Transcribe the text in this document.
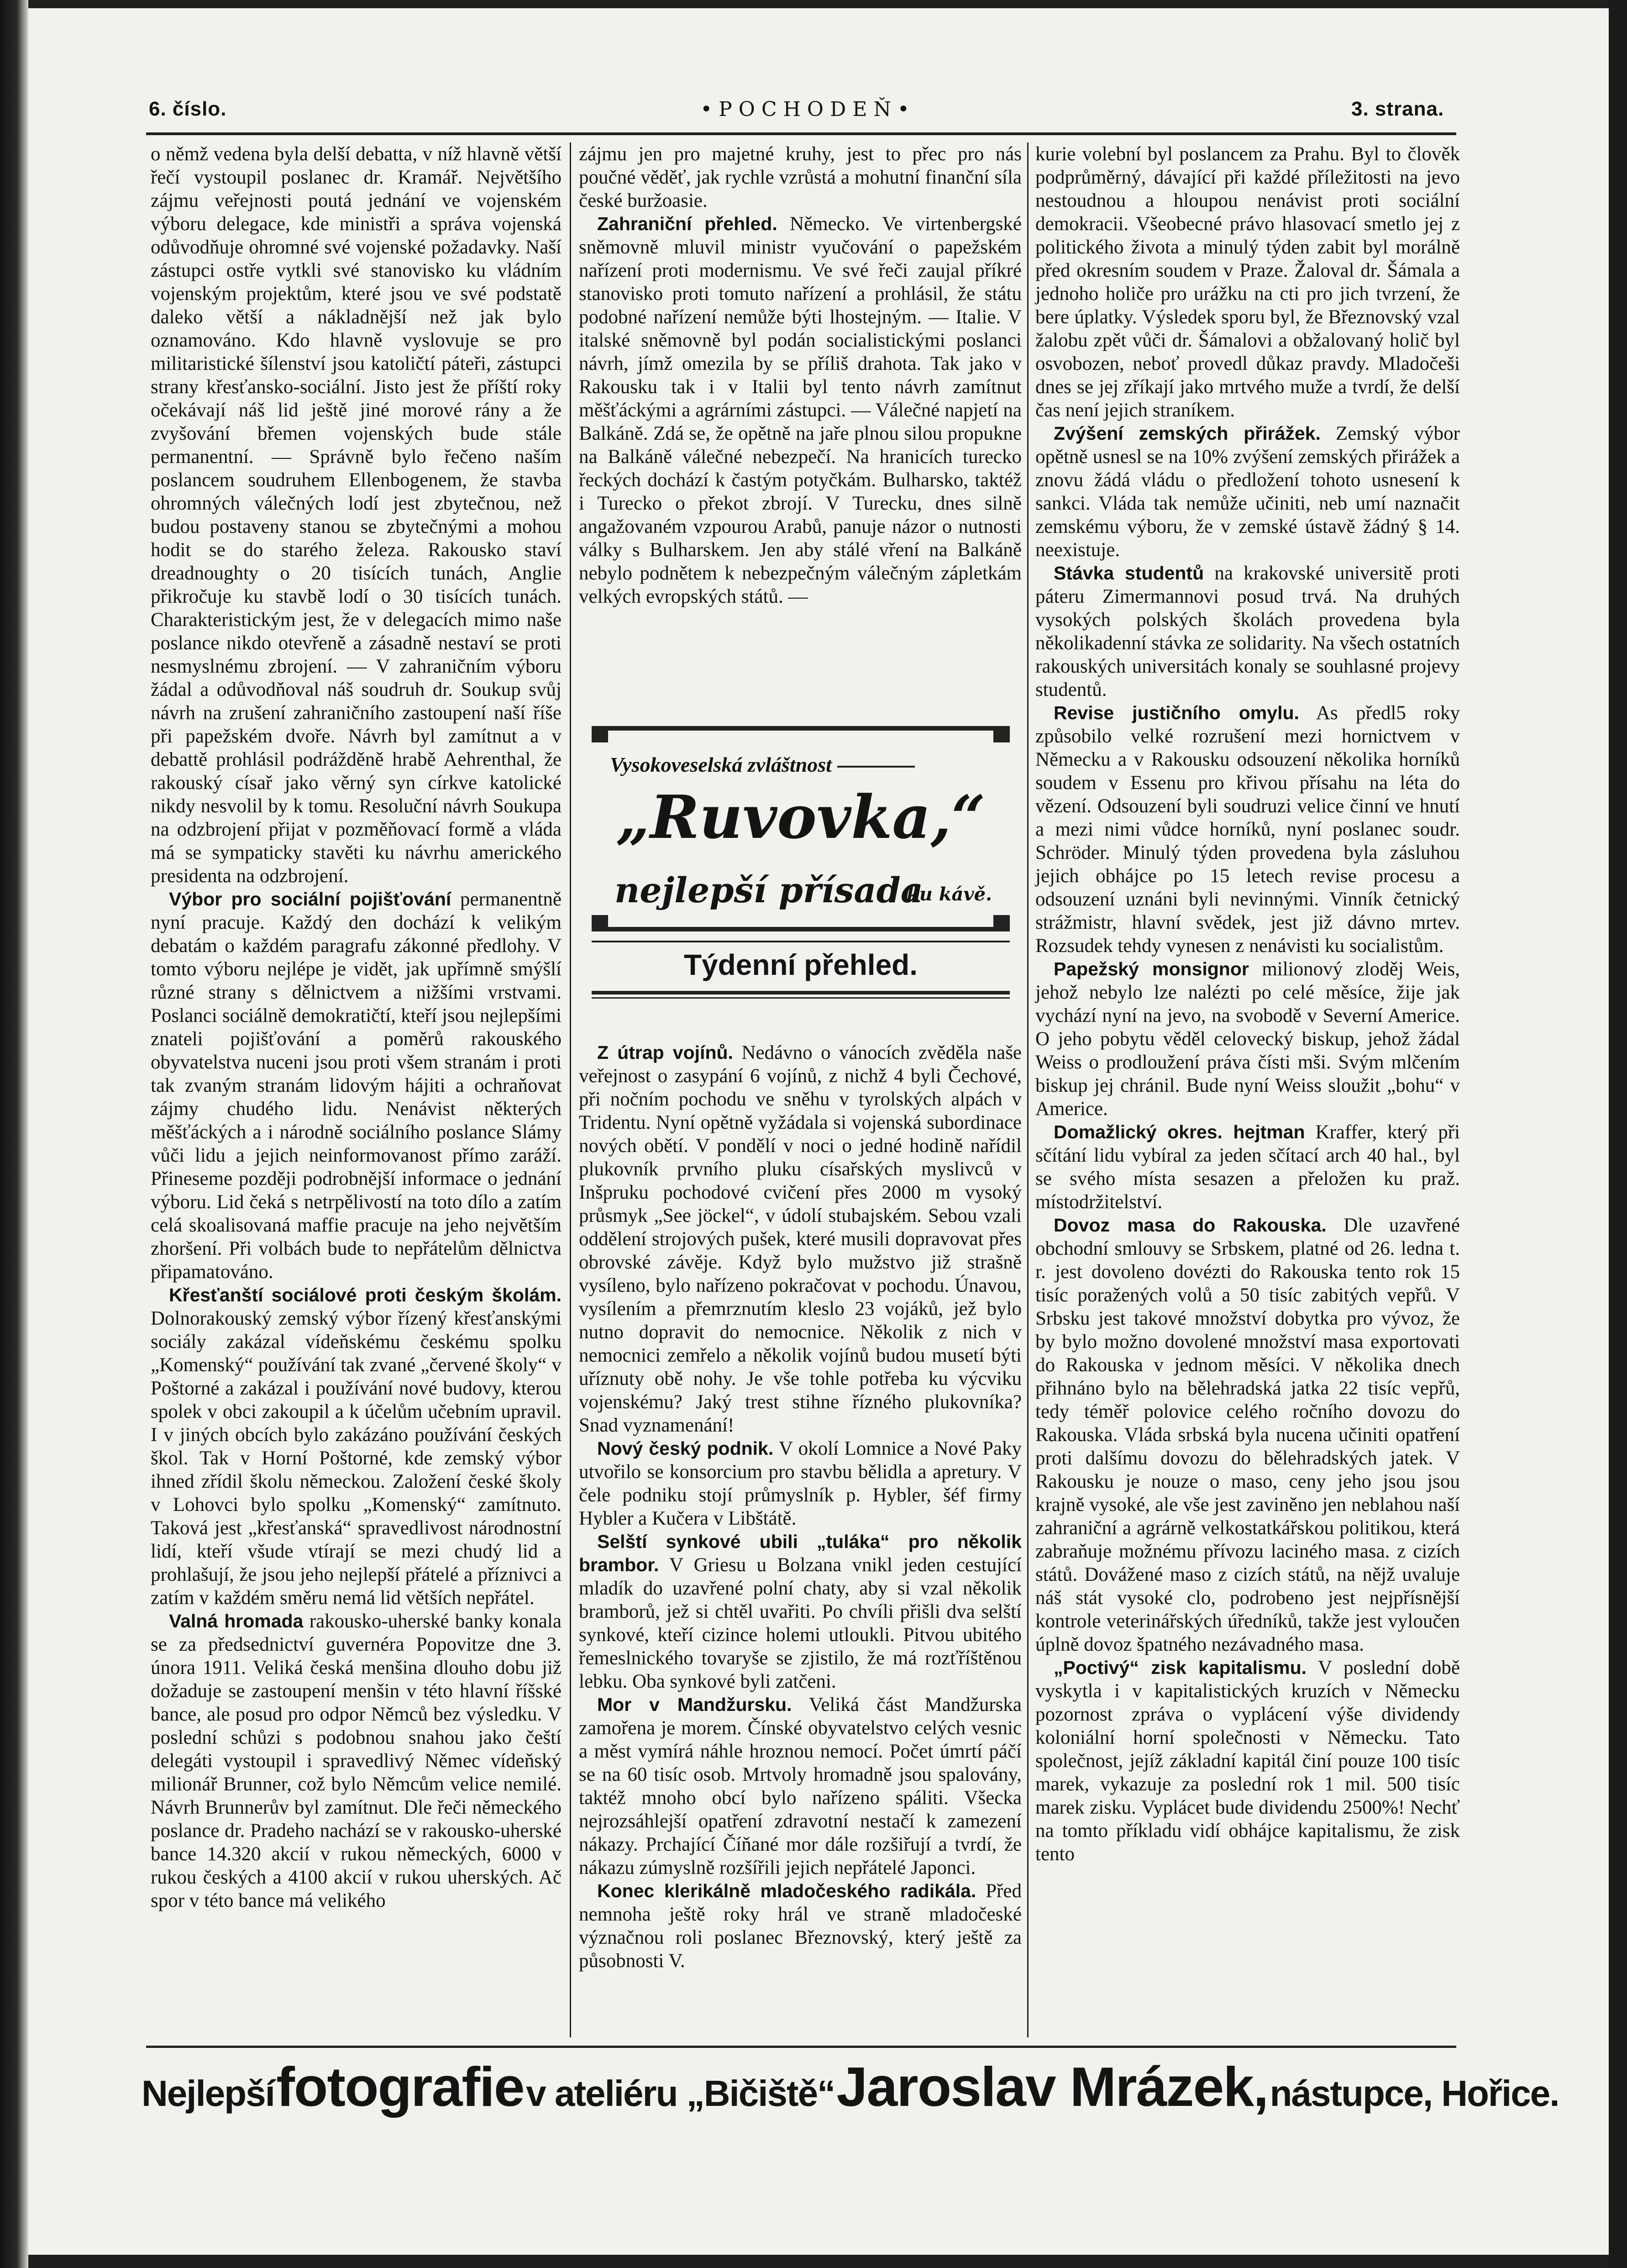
6. číslo.	•POCHODEŇ•	3. strana.

o němž vedena byla delší debatta, v níž hlavně větší řečí vystoupil poslanec dr. Kramář. Největšího zájmu veřejnosti poutá jednání ve vojenském výboru delegace, kde ministři a správa vojenská odůvodňuje ohromné své vojenské požadavky. Naší zástupci ostře vytkli své stanovisko ku vládním vojenským projektům, které jsou ve své podstatě daleko větší a nákladnější než jak bylo oznamováno. Kdo hlavně vyslovuje se pro militaristické šílenství jsou katoličtí páteři, zástupci strany křesťansko-sociální. Jisto jest že příští roky očekávají náš lid ještě jiné morové rány a že zvyšování břemen vojenských bude stále permanentní. — Správně bylo řečeno naším poslancem soudruhem Ellenbogenem, že stavba ohromných válečných lodí jest zbytečnou, než budou postaveny stanou se zbytečnými a mohou hodit se do starého železa. Rakousko staví dreadnoughty o 20 tisících tunách, Anglie přikročuje ku stavbě lodí o 30 tisících tunách. Charakteristickým jest, že v delegacích mimo naše poslance nikdo otevřeně a zásadně nestaví se proti nesmyslnému zbrojení. — V zahraničním výboru žádal a odůvodňoval náš soudruh dr. Soukup svůj návrh na zrušení zahraničního zastoupení naší říše při papežském dvoře. Návrh byl zamítnut a v debattě prohlásil podrážděně hrabě Aehrenthal, že rakouský císař jako věrný syn církve katolické nikdy nesvolil by k tomu. Resoluční návrh Soukupa na odzbrojení přijat v pozměňovací formě a vláda má se sympaticky stavěti ku návrhu amerického presidenta na odzbrojení.

Výbor pro sociální pojišťování permanentně nyní pracuje. Každý den dochází k velikým debatám o každém paragrafu zákonné předlohy. V tomto výboru nejlépe je vidět, jak upřímně smýšlí různé strany s dělnictvem a nižšími vrstvami. Poslanci sociálně demokratičtí, kteří jsou nejlepšími znateli pojišťování a poměrů rakouského obyvatelstva nuceni jsou proti všem stranám i proti tak zvaným stranám lidovým hájiti a ochraňovat zájmy chudého lidu. Nenávist některých měšťáckých a i národně sociálního poslance Slámy vůči lidu a jejich neinformovanost přímo zaráží. Přineseme později podrobnější informace o jednání výboru. Lid čeká s netrpělivostí na toto dílo a zatím celá skoalisovaná maffie pracuje na jeho největším zhoršení. Při volbách bude to nepřátelům dělnictva připamatováno.

Křesťanští sociálové proti českým školám. Dolnorakouský zemský výbor řízený křesťanskými sociály zakázal vídeňskému českému spolku „Komenský“ používání tak zvané „červené školy“ v Poštorné a zakázal i používání nové budovy, kterou spolek v obci zakoupil a k účelům učebním upravil. I v jiných obcích bylo zakázáno používání českých škol. Tak v Horní Poštorné, kde zemský výbor ihned zřídil školu německou. Založení české školy v Lohovci bylo spolku „Komenský“ zamítnuto. Taková jest „křesťanská“ spravedlivost národnostní lidí, kteří všude vtírají se mezi chudý lid a prohlašují, že jsou jeho nejlepší přátelé a příznivci a zatím v každém směru nemá lid větších nepřátel.

Valná hromada rakousko-uherské banky konala se za předsednictví guvernéra Popovitze dne 3. února 1911. Veliká česká menšina dlouho dobu již dožaduje se zastoupení menšin v této hlavní říšské bance, ale posud pro odpor Němců bez výsledku. V poslední schůzi s podobnou snahou jako čeští delegáti vystoupil i spravedlivý Němec vídeňský milionář Brunner, což bylo Němcům velice nemilé. Návrh Brunnerův byl zamítnut. Dle řeči německého poslance dr. Pradeho nachází se v rakousko-uherské bance 14.320 akcií v rukou německých, 6000 v rukou českých a 4100 akcií v rukou uherských. Ač spor v této bance má velikého

zájmu jen pro majetné kruhy, jest to přec pro nás poučné věděť, jak rychle vzrůstá a mohutní finanční síla české buržoasie.

Zahraniční přehled. Německo. Ve virtenbergské sněmovně mluvil ministr vyučování o papežském nařízení proti modernismu. Ve své řeči zaujal příkré stanovisko proti tomuto nařízení a prohlásil, že státu podobné nařízení nemůže býti lhostejným. — Italie. V italské sněmovně byl podán socialistickými poslanci návrh, jímž omezila by se příliš drahota. Tak jako v Rakousku tak i v Italii byl tento návrh zamítnut měšťáckými a agrárními zástupci. — Válečné napjetí na Balkáně. Zdá se, že opětně na jaře plnou silou propukne na Balkáně válečné nebezpečí. Na hranicích turecko řeckých dochází k častým potyčkám. Bulharsko, taktéž i Turecko o překot zbrojí. V Turecku, dnes silně angažovaném vzpourou Arabů, panuje názor o nutnosti války s Bulharskem. Jen aby stálé vření na Balkáně nebylo podnětem k nebezpečným válečným zápletkám velkých evropských států. —

Vysokoveselská zvláštnost
„Ruvovka,“
nejlepší přísada
ku kávě.
Týdenní přehled.

Z útrap vojínů. Nedávno o vánocích zvěděla naše veřejnost o zasypání 6 vojínů, z nichž 4 byli Čechové, při nočním pochodu ve sněhu v tyrolských alpách v Tridentu. Nyní opětně vyžádala si vojenská subordinace nových obětí. V pondělí v noci o jedné hodině nařídil plukovník prvního pluku císařských myslivců v Inšpruku pochodové cvičení přes 2000 m vysoký průsmyk „See jöckel“, v údolí stubajském. Sebou vzali oddělení strojových pušek, které musili dopravovat přes obrovské závěje. Když bylo mužstvo již strašně vysíleno, bylo nařízeno pokračovat v pochodu. Únavou, vysílením a přemrznutím kleslo 23 vojáků, jež bylo nutno dopravit do nemocnice. Několik z nich v nemocnici zemřelo a několik vojínů budou musetí býti uříznuty obě nohy. Je vše tohle potřeba ku výcviku vojenskému? Jaký trest stihne řízného plukovníka? Snad vyznamenání!

Nový český podnik. V okolí Lomnice a Nové Paky utvořilo se konsorcium pro stavbu bělidla a apretury. V čele podniku stojí průmyslník p. Hybler, šéf firmy Hybler a Kučera v Libštátě.

Selští synkové ubili „tuláka“ pro několik brambor. V Griesu u Bolzana vnikl jeden cestující mladík do uzavřené polní chaty, aby si vzal několik bramborů, jež si chtěl uvařiti. Po chvíli přišli dva selští synkové, kteří cizince holemi utloukli. Pitvou ubitého řemeslnického tovaryše se zjistilo, že má rozťříštěnou lebku. Oba synkové byli zatčeni.

Mor v Mandžursku. Veliká část Mandžurska zamořena je morem. Čínské obyvatelstvo celých vesnic a měst vymírá náhle hroznou nemocí. Počet úmrtí páčí se na 60 tisíc osob. Mrtvoly hromadně jsou spalovány, taktéž mnoho obcí bylo nařízeno spáliti. Všecka nejrozsáhlejší opatření zdravotní nestačí k zamezení nákazy. Prchající Číňané mor dále rozšiřují a tvrdí, že nákazu zúmyslně rozšířili jejich nepřátelé Japonci.

Konec klerikálně mladočeského radikála. Před nemnoha ještě roky hrál ve straně mladočeské význačnou roli poslanec Březnovský, který ještě za působnosti V.

kurie volební byl poslancem za Prahu. Byl to člověk podprůměrný, dávající při každé příležitosti na jevo nestoudnou a hloupou nenávist proti sociální demokracii. Všeobecné právo hlasovací smetlo jej z politického života a minulý týden zabit byl morálně před okresním soudem v Praze. Žaloval dr. Šámala a jednoho holiče pro urážku na cti pro jich tvrzení, že bere úplatky. Výsledek sporu byl, že Březnovský vzal žalobu zpět vůči dr. Šámalovi a obžalovaný holič byl osvobozen, neboť provedl důkaz pravdy. Mladočeši dnes se jej zříkají jako mrtvého muže a tvrdí, že delší čas není jejich straníkem.

Zvýšení zemských přirážek. Zemský výbor opětně usnesl se na 10% zvýšení zemských přirážek a znovu žádá vládu o předložení tohoto usnesení k sankci. Vláda tak nemůže učiniti, neb umí naznačit zemskému výboru, že v zemské ústavě žádný § 14. neexistuje.

Stávka studentů na krakovské universitě proti páteru Zimermannovi posud trvá. Na druhých vysokých polských školách provedena byla několikadenní stávka ze solidarity. Na všech ostatních rakouských universitách konaly se souhlasné projevy studentů.

Revise justičního omylu. As předl5 roky způsobilo velké rozrušení mezi hornictvem v Německu a v Rakousku odsouzení několika horníků soudem v Essenu pro křivou přísahu na léta do vězení. Odsouzení byli soudruzi velice činní ve hnutí a mezi nimi vůdce horníků, nyní poslanec soudr. Schröder. Minulý týden provedena byla zásluhou jejich obhájce po 15 letech revise procesu a odsouzení uznáni byli nevinnými. Vinník četnický strážmistr, hlavní svědek, jest již dávno mrtev. Rozsudek tehdy vynesen z nenávisti ku socialistům.

Papežský monsignor milionový zloděj Weis, jehož nebylo lze nalézti po celé měsíce, žije jak vychází nyní na jevo, na svobodě v Severní Americe. O jeho pobytu věděl celovecký biskup, jehož žádal Weiss o prodloužení práva čísti mši. Svým mlčením biskup jej chránil. Bude nyní Weiss sloužit „bohu“ v Americe.

Domažlický okres. hejtman Kraffer, který při sčítání lidu vybíral za jeden sčítací arch 40 hal., byl se svého místa sesazen a přeložen ku praž. místodržitelství.

Dovoz masa do Rakouska. Dle uzavřené obchodní smlouvy se Srbskem, platné od 26. ledna t. r. jest dovoleno dovézti do Rakouska tento rok 15 tisíc poražených volů a 50 tisíc zabitých vepřů. V Srbsku jest takové množství dobytka pro vývoz, že by bylo možno dovolené množství masa exportovati do Rakouska v jednom měsíci. V několika dnech přihnáno bylo na bělehradská jatka 22 tisíc vepřů, tedy téměř polovice celého ročního dovozu do Rakouska. Vláda srbská byla nucena učiniti opatření proti dalšímu dovozu do bělehradských jatek. V Rakousku je nouze o maso, ceny jeho jsou jsou krajně vysoké, ale vše jest zaviněno jen neblahou naší zahraniční a agrárně velkostatkářskou politikou, která zabraňuje možnému přívozu laciného masa. z cizích států. Dovážené maso z cizích států, na nějž uvaluje náš stát vysoké clo, podrobeno jest nejpřísnější kontrole veterinářských úředníků, takže jest vyloučen úplně dovoz špatného nezávadného masa.

„Poctivý“ zisk kapitalismu. V poslední době vyskytla i v kapitalistických kruzích v Německu pozornost zpráva o vyplácení výše dividendy koloniální horní společnosti v Německu. Tato společnost, jejíž základní kapitál činí pouze 100 tisíc marek, vykazuje za poslední rok 1 mil. 500 tisíc marek zisku. Vyplácet bude dividendu 2500%! Nechť na tomto příkladu vidí obhájce kapitalismu, že zisk tento

Nejlepší fotografie v ateliéru „Bičiště“ Jaroslav Mrázek, nástupce, Hořice.
